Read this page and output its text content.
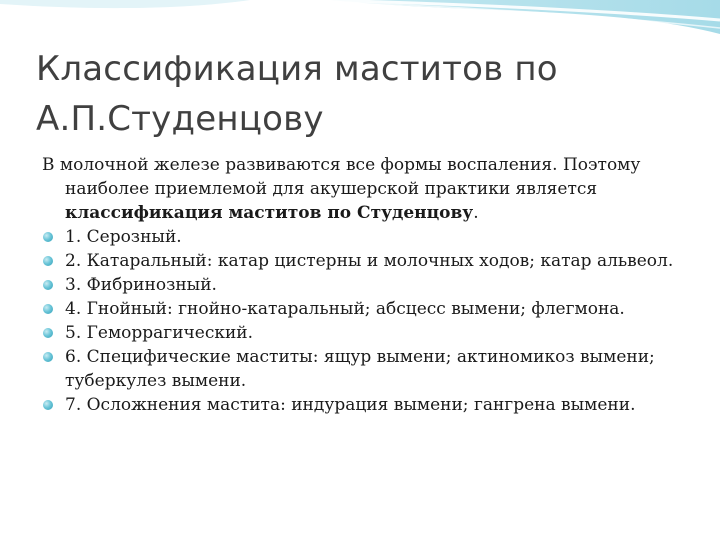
Классификация маститов по
А.П.Студенцову

В молочной железе развиваются все формы воспаления. Поэтому наиболее приемлемой для акушерской практики является классификация маститов по Студенцову.

1. Серозный.
2. Катаральный: катар цистерны и молочных ходов; катар альвеол.
3. Фибринозный.
4. Гнойный: гнойно-катаральный; абсцесс вымени; флегмона.
5. Геморрагический.
6. Специфические маститы: ящур вымени; актиномикоз вымени; туберкулез вымени.
7. Осложнения мастита: индурация вымени; гангрена вымени.
